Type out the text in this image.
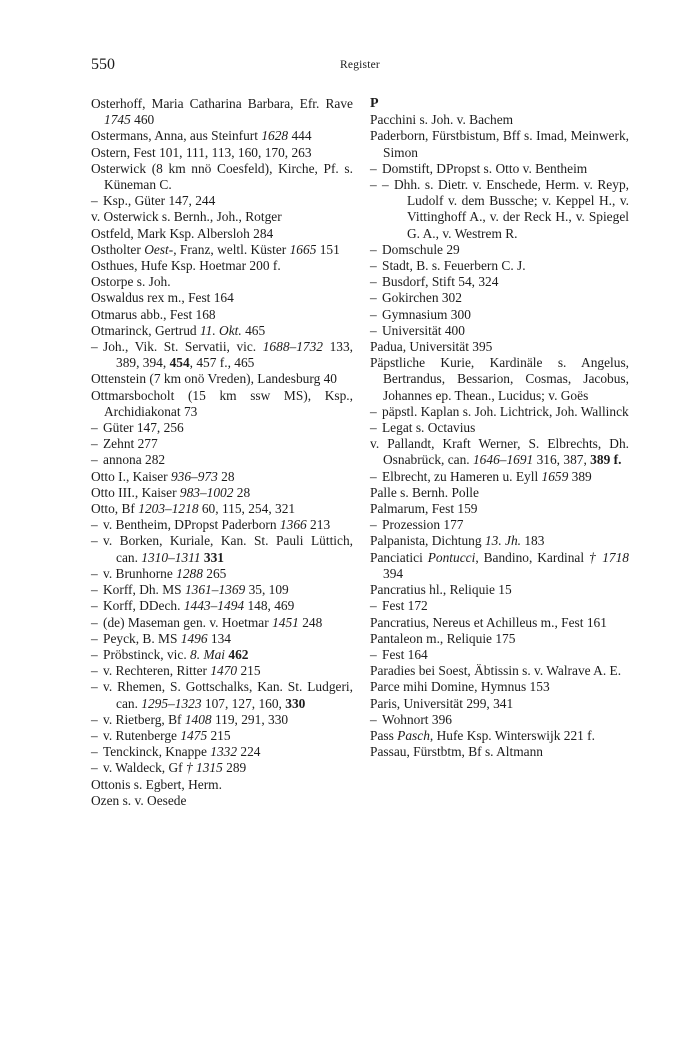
550	Register
Osterhoff, Maria Catharina Barbara, Efr. Rave 1745 460
Ostermans, Anna, aus Steinfurt 1628 444
Ostern, Fest 101, 111, 113, 160, 170, 263
Osterwick (8 km nnö Coesfeld), Kirche, Pf. s. Küneman C.
– Ksp., Güter 147, 244
v. Osterwick s. Bernh., Joh., Rotger
Ostfeld, Mark Ksp. Albersloh 284
Ostholter Oest-, Franz, weltl. Küster 1665 151
Osthues, Hufe Ksp. Hoetmar 200 f.
Ostorpe s. Joh.
Oswaldus rex m., Fest 164
Otmarus abb., Fest 168
Otmarinck, Gertrud 11. Okt. 465
– Joh., Vik. St. Servatii, vic. 1688–1732 133, 389, 394, 454, 457 f., 465
Ottenstein (7 km onö Vreden), Landesburg 40
Ottmarsbocholt (15 km ssw MS), Ksp., Archidiakonat 73
– Güter 147, 256
– Zehnt 277
– annona 282
Otto I., Kaiser 936–973 28
Otto III., Kaiser 983–1002 28
Otto, Bf 1203–1218 60, 115, 254, 321
– v. Bentheim, DPropst Paderborn 1366 213
– v. Borken, Kuriale, Kan. St. Pauli Lüttich, can. 1310–1311 331
– v. Brunhorne 1288 265
– Korff, Dh. MS 1361–1369 35, 109
– Korff, DDech. 1443–1494 148, 469
– (de) Maseman gen. v. Hoetmar 1451 248
– Peyck, B. MS 1496 134
– Pröbstinck, vic. 8. Mai 462
– v. Rechteren, Ritter 1470 215
– v. Rhemen, S. Gottschalks, Kan. St. Ludgeri, can. 1295–1323 107, 127, 160, 330
– v. Rietberg, Bf 1408 119, 291, 330
– v. Rutenberge 1475 215
– Tenckinck, Knappe 1332 224
– v. Waldeck, Gf † 1315 289
Ottonis s. Egbert, Herm.
Ozen s. v. Oesede
P
Pacchini s. Joh. v. Bachem
Paderborn, Fürstbistum, Bff s. Imad, Meinwerk, Simon
– Domstift, DPropst s. Otto v. Bentheim
– – Dhh. s. Dietr. v. Enschede, Herm. v. Reyp, Ludolf v. dem Bussche; v. Keppel H., v. Vittinghoff A., v. der Reck H., v. Spiegel G. A., v. Westrem R.
– Domschule 29
– Stadt, B. s. Feuerbern C. J.
– Busdorf, Stift 54, 324
– Gokirchen 302
– Gymnasium 300
– Universität 400
Padua, Universität 395
Päpstliche Kurie, Kardinäle s. Angelus, Bertrandus, Bessarion, Cosmas, Jacobus, Johannes ep. Thean., Lucidus; v. Goës
– päpstl. Kaplan s. Joh. Lichtrick, Joh. Wallinck
– Legat s. Octavius
v. Pallandt, Kraft Werner, S. Elbrechts, Dh. Osnabrück, can. 1646–1691 316, 387, 389 f.
– Elbrecht, zu Hameren u. Eyll 1659 389
Palle s. Bernh. Polle
Palmarum, Fest 159
– Prozession 177
Palpanista, Dichtung 13. Jh. 183
Panciatici Pontucci, Bandino, Kardinal † 1718 394
Pancratius hl., Reliquie 15
– Fest 172
Pancratius, Nereus et Achilleus m., Fest 161
Pantaleon m., Reliquie 175
– Fest 164
Paradies bei Soest, Äbtissin s. v. Walrave A. E.
Parce mihi Domine, Hymnus 153
Paris, Universität 299, 341
– Wohnort 396
Pass Pasch, Hufe Ksp. Winterswijk 221 f.
Passau, Fürstbtm, Bf s. Altmann
